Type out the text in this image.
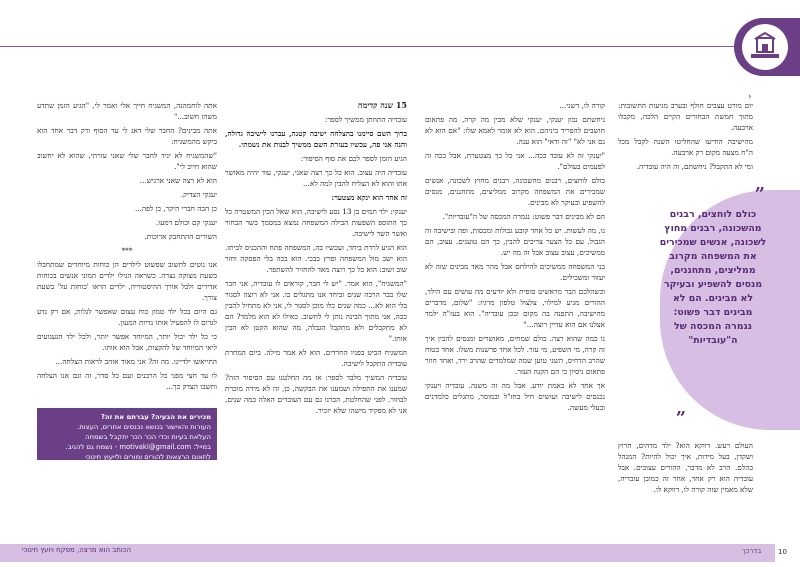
›

יום מורט עצבים חולף ובערב מגיעות התשובות: מתוך חמשת הבחורים הקיים הלכה, מקבלו ארבעה.

מהישיבה הודיעו שהחליטו השנה לקבל מכל ה"ח מצעה מקום רק ארבעה.

ומי לא התקבל? ניחשתם, זה היה עובדיה.

”
כולם לוחצים, רבנים מהשכונה, רבנים מחוץ לשכונה, אנשים שמכירים את המשפחה מקרוב ממליצים, מתחננים, מנסים להשפיע ובעיקר לא מבינים. הם לא מבינים דבר פשוט: נגמרה המכסה של ה"עובדיות"
„
העולם רעש. דווקא הוא? ילד מדהים, חרוץ ושקדן, בעל מידות, איך יכול להיות? המנהל בהלם. הרב לא מדבר, ההורים עצובים. אבל עובדיה הוא רק אחד, אחר זה כמובן עובדיה, שלא מאמין שזה קורה לו, דווקא לו.

קורה לו, דשני...

ניחשתם נכון יענקי, יענקי שלא מבין מה קרה, מה פתאום חושבים להפריד ביניהם. הוא לא אומר לאמא שלו: "אם הוא לא נם אני לא" "זה ודאי" הוא ענה.

"יענקי זה לא עובד ככה... אני כל כך מצטערת, אבל ככה זה לפעמים בעולם".

כולם לוחצים, רבנים מהשכונה, רבנים מחוץ לשכונה, אנשים שמכירים את המשפחה מקרוב ממליצים, מתחננים, מנסים להשפיע ובעיקר לא מבינים.

הם לא מבינים דבר פשוט: נגמרה המכסה של ה"עובדיות".

נו, מה לעשות. יש כל אחד קובע גבולות ומכסות, ופה ובישיבה זה הגבול. עם כל הצער צריכים להבין, כך הם טוענים. עצוב, הם ממשיכים, עצוב עצוב אבל זה מה יש.

בני המשפחה ממשיכים להילחם אבל מהר מאד מבינים שזה לא יעזור ומשכילים.

וכשהלכם הבר מראשיט סופית ולא יודעים מה עושים עם הילד, ההורים מגיע למילוי, צלצול טלפון מרגיז: "שלום, מדברים מהישיבה, התפנה בה מקום ובכן עובדיה". הוא בעז"ה ילמד אצלנו אם הוא עדיין רוצה..."

נו כמה שהוא רצה. כולם שמחים, מאושרים ומנסים להבין איך זה קרה, מי השפיע, מי עזר. לכל אחד פרשנות משלו. אחד בטוח שהרב הדחיס, השני טוען שמה שמלמדים שהרב ירד, ואחד חוזר פתאום ניסיון כי הם הקנה העזר.

אך אחד לא באמת יודע. אבל מה זה משנה. עובדיה ויענקי נכנסים לישיבה ועושים חיל בחז"ל ובמוסר, מתגלים כלמדנים ובעלי מעשה.

15 שנה קדימה

עובדיה התחתן ממשיך לספר:

ברוך השם סיימנו בהצלחה ישיבה קטנה, עברנו לישיבה גדולה, והנה אני פה, עכשיו בעזרת השם ממשיך לבנות את נשמתי.

הגיע הזמן לספר לכם את סוף הסיפור:

עובדיה היה עצוב. הוא כל כך רצה שאני, יענקי, עוד יהיה מאושר אתו והוא לא הצליח להבין למה לא...

זה אחד הוא ינקא מצטער:

יענקי: ילד תמים בן 13 נסע לישיבה, הוא שאל הכין המשטרה כל כך התוספ השפעות הבילה המשפחה נמצא במסמך בשר הבחור ואשר השר לישיבה.

הוא הגיע לרדת ביחד, ועכשיו בה, המשפחה פתח וההכניס לביתו. הוא ישב מול המשפחה ופרץ בבכי. הוא בכה בלי הפסקה וחזר שוב ושוב: הוא כל כך רוצה מאד להחזיר להשתפר.

"המשגיח", הוא אמר. "יש לי חבר, קוראים לו עובדיה, אני חבר שלו כבר הרבה שנים וביחד אנו מתגלים בו. אני לא רוצה לסגור בלי הוא לא... כמה שנים כלו מוכן לסגור לי, אני לא מתחיל להבין ככה, אני מתוך הבינה נותן לי לחשוב. כאילו לא הוא מלמד? הם לא מתקבלים ולא מתקבל הגבלה, מה שהוא הקטן לא הבין אותו."

המשגיח הביט בפניו החרדים. הוא לא אמר מילה. ביום המחרת עובדיה התקבל לישיבה.

עובדיה המשיך מלבד לספר: אז מה החלטנו עם הסיפור הזה? שמענו את התפילה ושמענו את הבקשה, כן, זה לא מידה מוכרת לבחור. לפני שהחלטת, הכרנו גם עם העובדים האלה כמה שנים, אני לא מפקיד מישהו שלא יזכיר.

אתה לוחמהנה, המשגיח חייך אלי ואמר לי, "הגיע הזמן שתדע משהו חשוב..."

אתה מבינים? החבר שלי דאג לי עד הסוף ורק דבר אחד הוא ביקש מהמשגיח:

"שהמשגיח לא יגיד לחבר שלי שאני עזרתי, שהוא לא יחשוב שהוא חייב לי".

הוא לא רצה שאני ארגיש...

יענקי הצדיק.

כן הכה חברי היקר, כן לפה...

יענקי קם וכולם דמעו.

השורים ההתחבק ארוכות.

***

אנו נוטים לחשוב שפשוט לילדים הן כוחות מיוחדים שמתחבלו בשעת מצוקה נצרה. כשראה הגילו ילדים המוני אנשים בכוחות אדירים ולכל אורך ההיסטוריה, ילדים הראו 'כוחות על' בשעת צורך.

גם היום בכל ילד טמון כוח עצום שאפשר לגלות, אם רק נדע לגרום לו להפעיל אותו נדיות המעון.

כי כל ילד יכול יותר, המיוחד אפשר יותר, ולכל ילד הגעגועים ליאי המיוחד של להקצות, אבל הוא אותו.

התייאשו ילדיינו. מה זה? אני מאוד אוהב לראות הצלחה...

לו עד חצי מפני כל הרבנים ועם כל סדר, זה וגם אנו הצלחה וחשבו הצדק כך...

מכירים את הבעיה? עברתם את זה?
העורות והאישור בנושא נכנסים אחרים, העצות.
העלאת בעיות וכדי הכר הכר יתקבל בשמחה
במייל: motivaki@gmail.com - נשמח גם להגיב.
לתאום הרצאות להורים ומורים ולייעוץ חינוכי
להורים התקשרו: 054-4866652
הכותב הוא מרצה, מפקח ויועץ חינוכי	בדרכך 10
